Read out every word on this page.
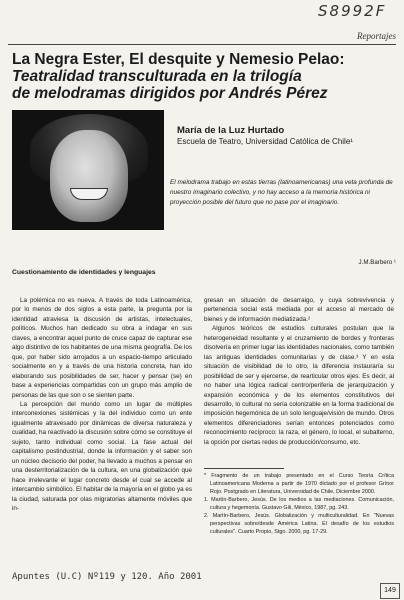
S8992F
Reportajes
La Negra Ester, El desquite y Nemesio Pelao:
Teatralidad transculturada en la trilogía
de melodramas dirigidos por Andrés Pérez
María de la Luz Hurtado
Escuela de Teatro, Universidad Católica de Chile¹
El melodrama trabajo en estas tierras (latinoamericanas) una veta profunda de nuestro imaginario colectivo, y no hay acceso a la memoria histórica ni proyección posible del futuro que no pase por el imaginario.
J.M.Barbero ¹
Cuestionamiento de identidades y lenguajes

La polémica no es nueva. A través de toda Latinoamérica, por lo menos de dos siglos a esta parte, la pregunta por la identidad atraviesa la discusión de artistas, intelectuales, políticos. Muchos han dedicado su obra a indagar en sus claves, a encontrar aquel punto de cruce capaz de capturar ese algo distintivo de los habitantes de una misma geografía. De los que, por haber sido arrojados a un espacio-tiempo articulado socialmente en y a través de una historia concreta, han ido elaborando sus posibilidades de ser, hacer y pensar (se) en base a experiencias compartidas con un grupo más amplio de personas de las que son o se sienten parte.

La percepción del mundo como un lugar de múltiples interconexiones sistémicas y la del individuo como un ente igualmente atravesado por dinámicas de diversa naturaleza y cualidad, ha reactivado la discusión sobre cómo se constituye el sujeto, tanto individual como social. La fase actual del capitalismo postindustrial, donde la información y el saber son un núcleo decisorio del poder, ha llevado a muchos a pensar en una desterritorialización de la cultura, en una globalización que hace irrelevante el lugar concreto desde el cual se accede al intercambio simbólico. El habitar de la mayoría en el globo ya es la ciudad, saturada por olas migratorias altamente móviles que in-

gresan en situación de desarraigo, y cuya sobrevivencia y pertenencia social está mediada por el acceso al mercado de bienes y de información mediatizada.²

Algunos teóricos de estudios culturales postulan que la heterogeneidad resultante y el cruzamiento de bordes y fronteras disolvería en primer lugar las identidades nacionales, como también las antiguas identidades comunitarias y de clase.³ Y en esta situación de visibilidad de lo otro, la diferencia instauraría su posibilidad de ser y ejercerse, de rearticular otros ejes. Es decir, al no haber una lógica radical centro/periferia de jerarquización y expansión económica y de los elementos constitutivos del desarrollo, lo cultural no sería colonizable en la forma tradicional de imposición hegemónica de un solo lenguaje/visión de mundo. Otros elementos diferenciadores serían entonces potenciados como reconocimiento recíproco: la raza, el género, lo local, el subalterno, la opción por ciertas redes de producción/consumo, etc.

* Fragmento de un trabajo presentado en el Curso Teoría Crítica Latinoamericana Moderna a partir de 1970 dictado por el profesor Grínor Rojo. Postgrado en Literatura, Universidad de Chile, Diciembre 2000.

1. Martín-Barbero, Jesús. De los medios a las mediaciones. Comunicación, cultura y hegemonía. Gustavo Gili, México, 1987, pg. 243.

2. Martín-Barbero, Jesús. Globalización y multiculturalidad. En "Nuevas perspectivas sobre/desde América Latina. El desafío de los estudios culturales". Cuarto Propio, Stgo. 2000, pg. 17-29.

Apuntes (U.C) Nº119 y 120. Año 2001
149
